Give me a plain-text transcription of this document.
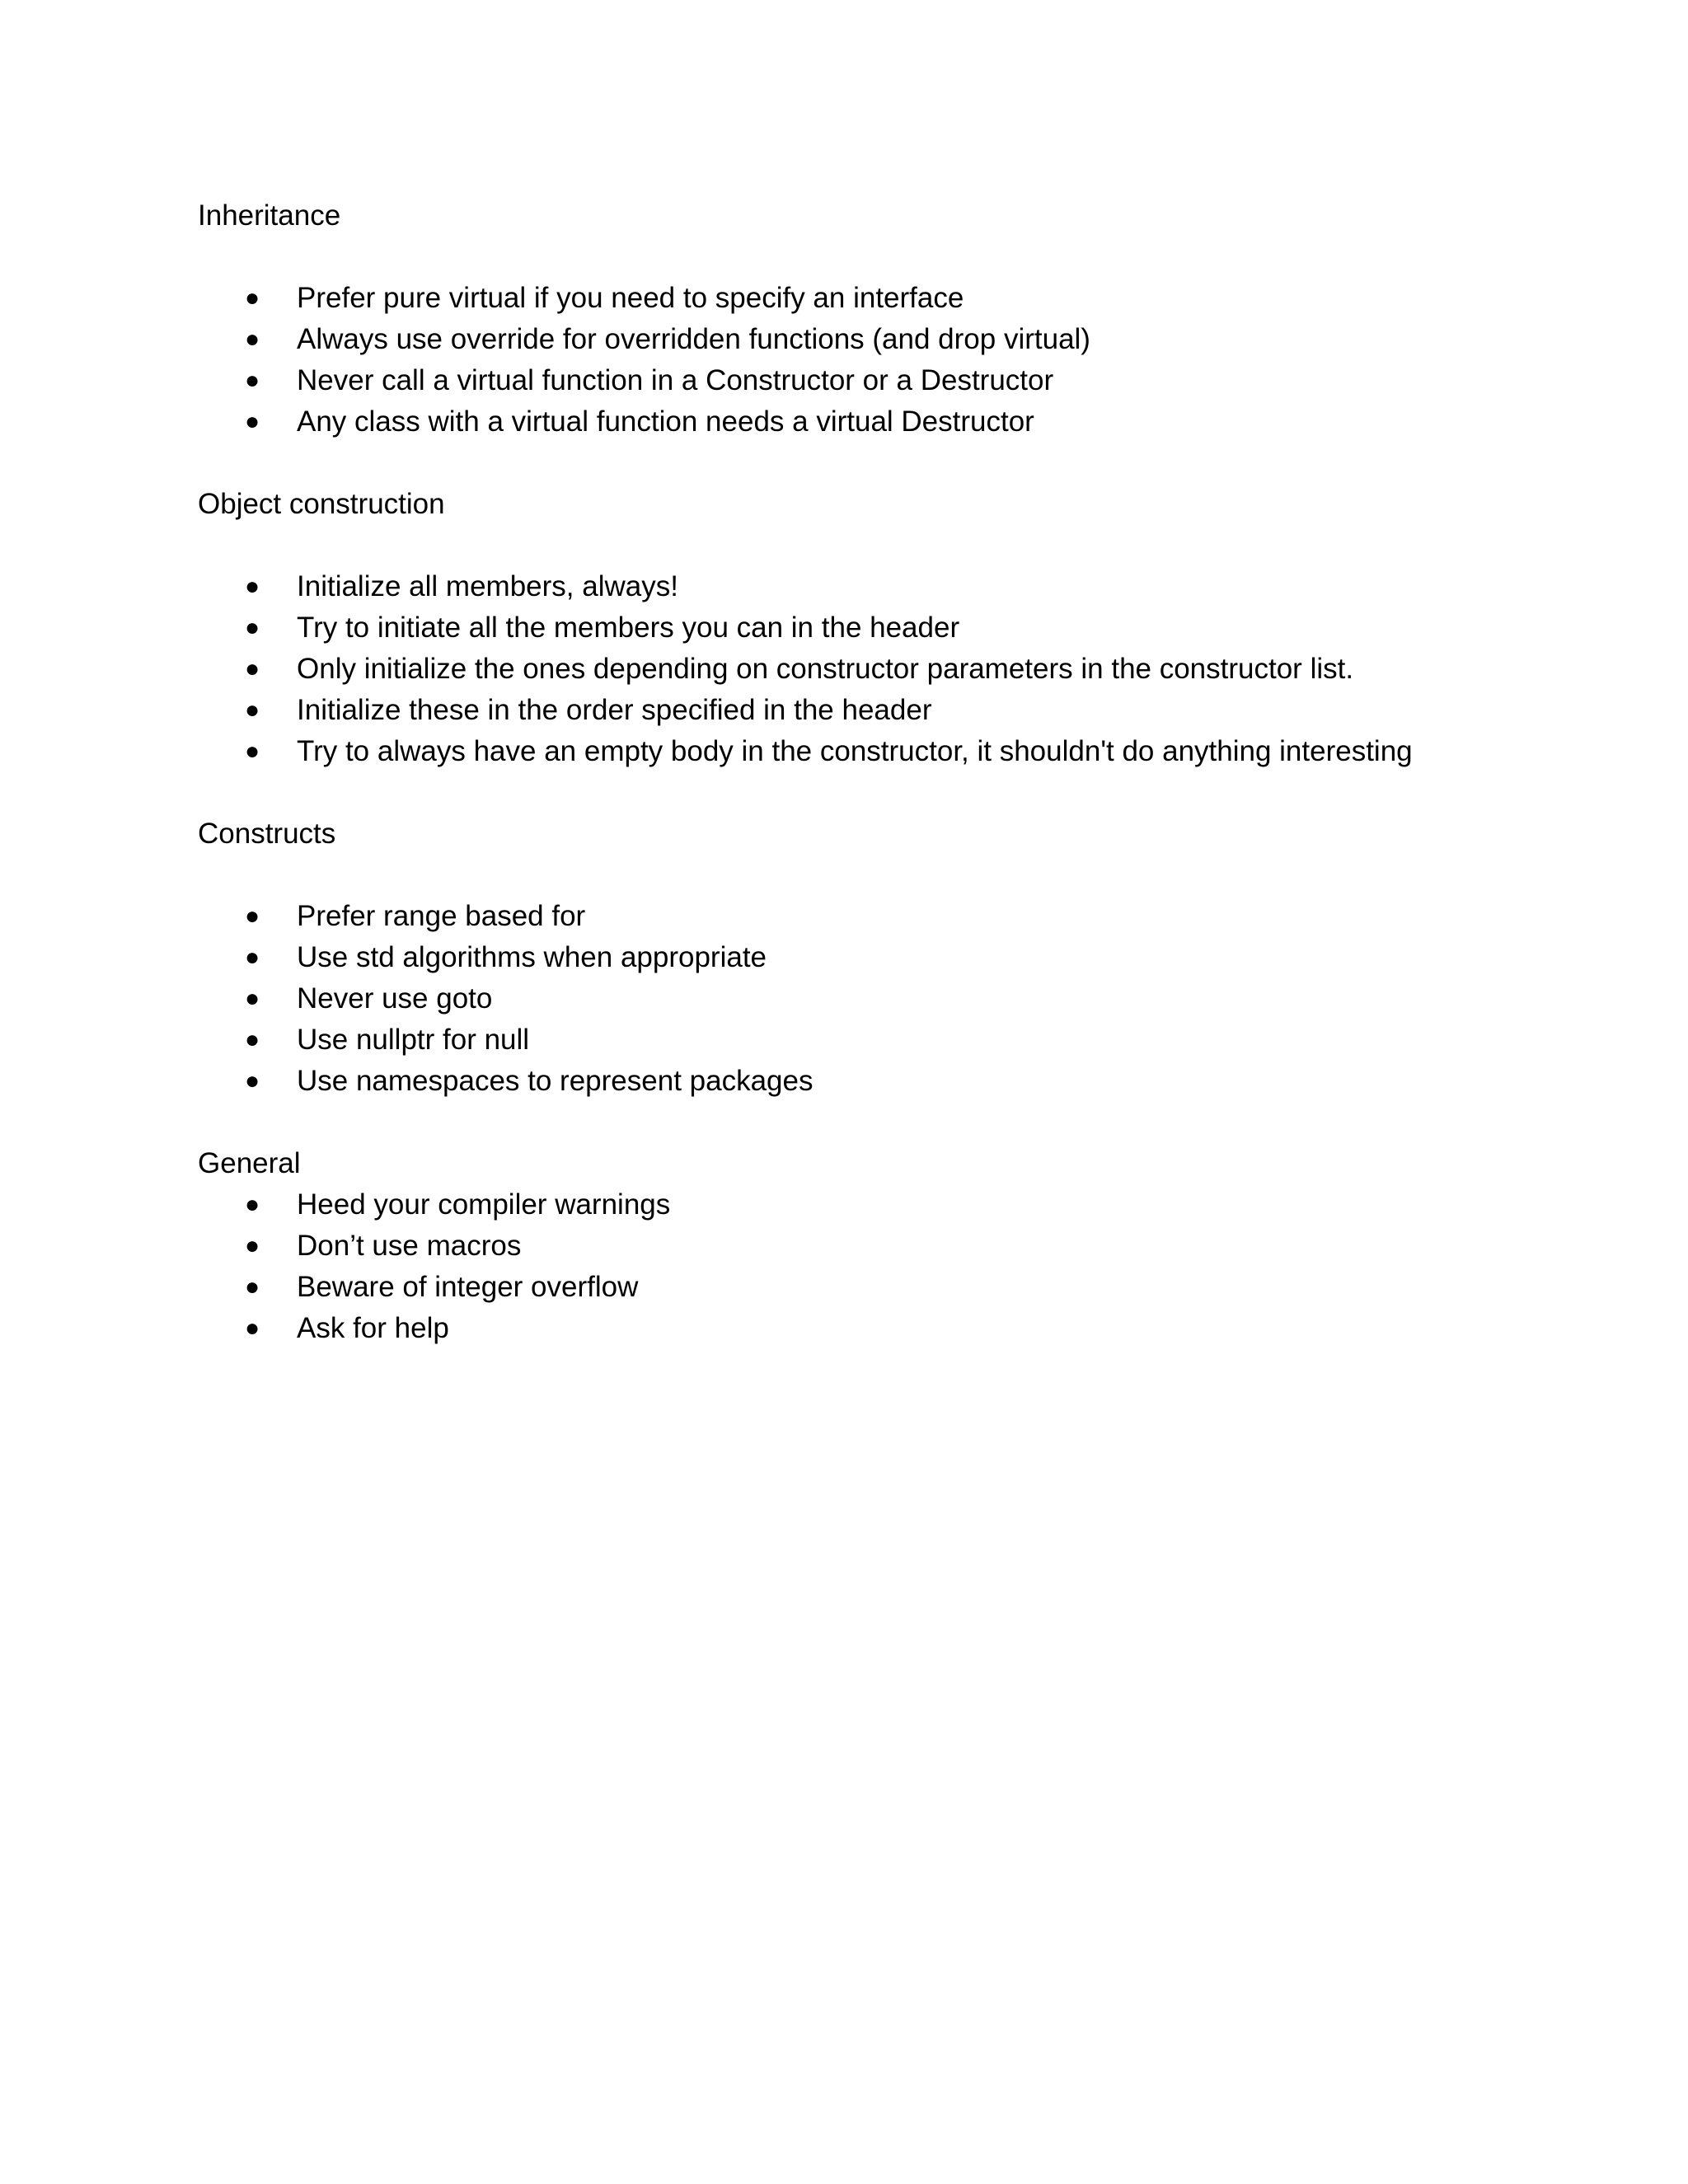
Inheritance
● Prefer pure virtual if you need to specify an interface
● Always use override for overridden functions (and drop virtual)
● Never call a virtual function in a Constructor or a Destructor
● Any class with a virtual function needs a virtual Destructor
Object construction
● Initialize all members, always!
● Try to initiate all the members you can in the header
● Only initialize the ones depending on constructor parameters in the constructor list.
● Initialize these in the order specified in the header
● Try to always have an empty body in the constructor, it shouldn't do anything interesting
Constructs
● Prefer range based for
● Use std algorithms when appropriate
● Never use goto
● Use nullptr for null
● Use namespaces to represent packages
General
● Heed your compiler warnings
● Don’t use macros
● Beware of integer overflow
● Ask for help
